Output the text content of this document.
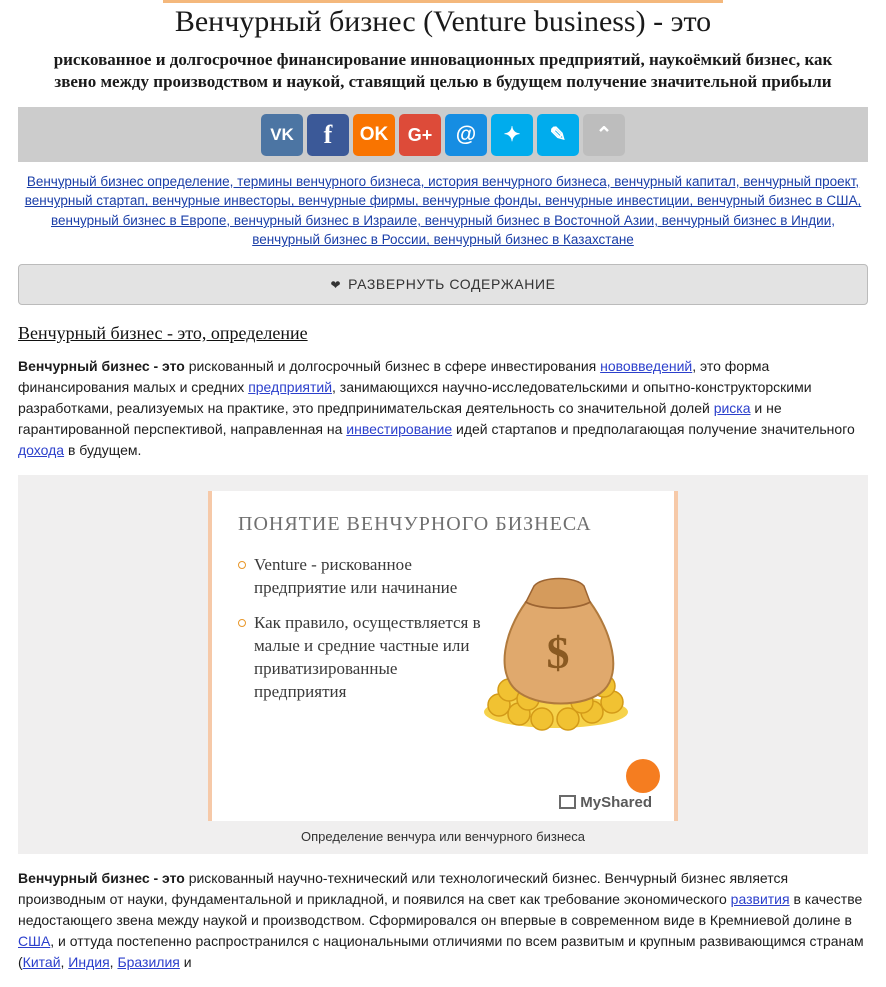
Венчурный бизнес (Venture business) - это
рискованное и долгосрочное финансирование инновационных предприятий, наукоёмкий бизнес, как звено между производством и наукой, ставящий целью в будущем получение значительной прибыли
VK f OK G+ @ ✦ ✎ ⌃
Венчурный бизнес определение, термины венчурного бизнеса, история венчурного бизнеса, венчурный капитал, венчурный проект, венчурный стартап, венчурные инвесторы, венчурные фирмы, венчурные фонды, венчурные инвестиции, венчурный бизнес в США, венчурный бизнес в Европе, венчурный бизнес в Израиле, венчурный бизнес в Восточной Азии, венчурный бизнес в Индии, венчурный бизнес в России, венчурный бизнес в Казахстане
❤ РАЗВЕРНУТЬ СОДЕРЖАНИЕ
Венчурный бизнес - это, определение

Венчурный бизнес - это рискованный и долгосрочный бизнес в сфере инвестирования нововведений, это форма финансирования малых и средних предприятий, занимающихся научно-исследовательскими и опытно-конструкторскими разработками, реализуемых на практике, это предпринимательская деятельность со значительной долей риска и не гарантированной перспективой, направленная на инвестирование идей стартапов и предполагающая получение значительного дохода в будущем.

ПОНЯТИЕ ВЕНЧУРНОГО БИЗНЕСА
Venture - рискованное предприятие или начинание
Как правило, осуществляется в малые и средние частные или приватизированные предприятия
$
MyShared
Определение венчура или венчурного бизнеса

Венчурный бизнес - это рискованный научно-технический или технологический бизнес. Венчурный бизнес является производным от науки, фундаментальной и прикладной, и появился на свет как требование экономического развития в качестве недостающего звена между наукой и производством. Сформировался он впервые в современном виде в Кремниевой долине в США, и оттуда постепенно распространился с национальными отличиями по всем развитым и крупным развивающимся странам (Китай, Индия, Бразилия и
